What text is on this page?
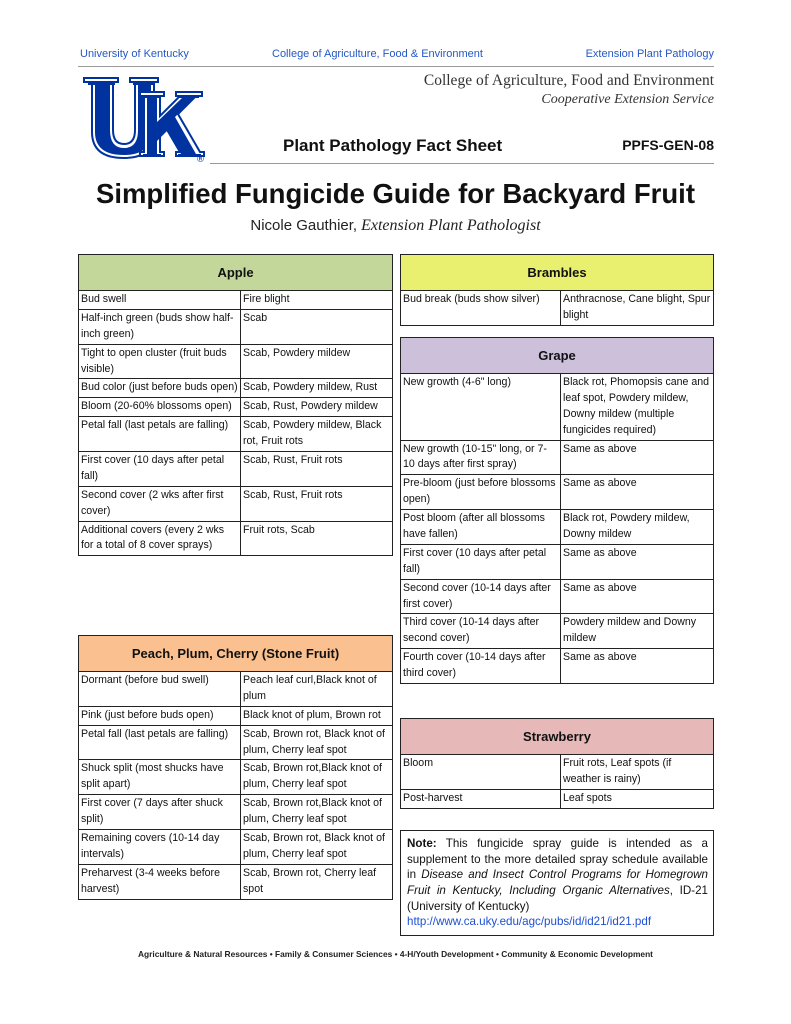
University of Kentucky	College of Agriculture, Food & Environment	Extension Plant Pathology
®
College of Agriculture, Food and Environment
Cooperative Extension Service
Plant Pathology Fact Sheet	PPFS-GEN-08
Simplified Fungicide Guide for Backyard Fruit
Nicole Gauthier, Extension Plant Pathologist
Apple	
Bud swell	Fire blight
Half-inch green (buds show half-inch green)	Scab
Tight to open cluster (fruit buds visible)	Scab, Powdery mildew
Bud color (just before buds open)	Scab, Powdery mildew, Rust
Bloom (20-60% blossoms open)	Scab, Rust, Powdery mildew
Petal fall (last petals are falling)	Scab, Powdery mildew, Black rot, Fruit rots
First cover (10 days after petal fall)	Scab, Rust, Fruit rots
Second cover (2 wks after first cover)	Scab, Rust, Fruit rots
Additional covers (every 2 wks for a total of 8 cover sprays)	Fruit rots, Scab
Peach, Plum, Cherry (Stone Fruit)	
Dormant (before bud swell)	Peach leaf curl,Black knot of plum
Pink (just before buds open)	Black knot of plum, Brown rot
Petal fall (last petals are falling)	Scab, Brown rot, Black knot of plum, Cherry leaf spot
Shuck split (most shucks have split apart)	Scab, Brown rot,Black knot of plum, Cherry leaf spot
First cover (7 days after shuck split)	Scab, Brown rot,Black knot of plum, Cherry leaf spot
Remaining covers (10-14 day intervals)	Scab, Brown rot, Black knot of plum, Cherry leaf spot
Preharvest (3-4 weeks before harvest)	Scab, Brown rot, Cherry leaf spot
Brambles
Bud break (buds show silver)	Anthracnose, Cane blight, Spur blight
Grape	
New growth (4-6" long)	Black rot, Phomopsis cane and leaf spot, Powdery mildew, Downy mildew (multiple fungicides required)
New growth (10-15" long, or 7-10 days after first spray)	Same as above
Pre-bloom (just before blossoms open)	Same as above
Post bloom (after all blossoms have fallen)	Black rot, Powdery mildew, Downy mildew
First cover (10 days after petal fall)	Same as above
Second cover (10-14 days after first cover)	Same as above
Third cover (10-14 days after second cover)	Powdery mildew and Downy mildew
Fourth cover (10-14 days after third cover)	Same as above
Strawberry	
Bloom	Fruit rots, Leaf spots (if weather is rainy)
Post-harvest	Leaf spots
Note: This fungicide spray guide is intended as a supplement to the more detailed spray schedule available in Disease and Insect Control Programs for Homegrown Fruit in Kentucky, Including Organic Alternatives, ID-21 (University of Kentucky)
http://www.ca.uky.edu/agc/pubs/id/id21/id21.pdf
Agriculture & Natural Resources • Family & Consumer Sciences • 4-H/Youth Development • Community & Economic Development
